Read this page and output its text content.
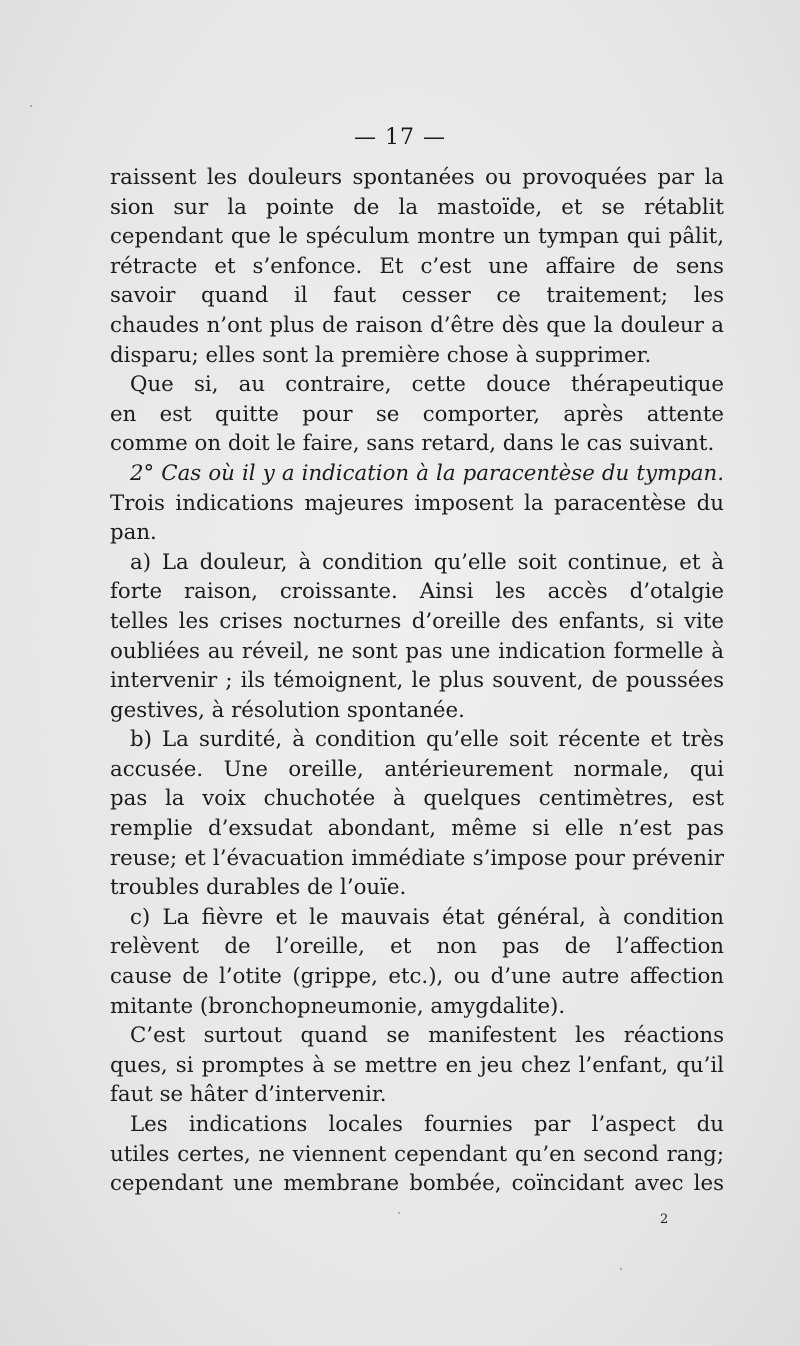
— 17 —
raissent les douleurs spontanées ou provoquées par la
sion sur la pointe de la mastoïde, et se rétablit
cependant que le spéculum montre un tympan qui pâlit,
rétracte et s’enfonce. Et c’est une affaire de sens
savoir quand il faut cesser ce traitement; les
chaudes n’ont plus de raison d’être dès que la douleur a
disparu; elles sont la première chose à supprimer.
Que si, au contraire, cette douce thérapeutique
en est quitte pour se comporter, après attente
comme on doit le faire, sans retard, dans le cas suivant.
2° Cas où il y a indication à la paracentèse du tympan.
Trois indications majeures imposent la paracentèse du
pan.
a) La douleur, à condition qu’elle soit continue, et à
forte raison, croissante. Ainsi les accès d’otalgie
telles les crises nocturnes d’oreille des enfants, si vite
oubliées au réveil, ne sont pas une indication formelle à
intervenir ; ils témoignent, le plus souvent, de poussées
gestives, à résolution spontanée.
b) La surdité, à condition qu’elle soit récente et très
accusée. Une oreille, antérieurement normale, qui
pas la voix chuchotée à quelques centimètres, est
remplie d’exsudat abondant, même si elle n’est pas
reuse; et l’évacuation immédiate s’impose pour prévenir
troubles durables de l’ouïe.
c) La fièvre et le mauvais état général, à condition
relèvent de l’oreille, et non pas de l’affection
cause de l’otite (grippe, etc.), ou d’une autre affection
mitante (bronchopneumonie, amygdalite).
C’est surtout quand se manifestent les réactions
ques, si promptes à se mettre en jeu chez l’enfant, qu’il
faut se hâter d’intervenir.
Les indications locales fournies par l’aspect du
utiles certes, ne viennent cependant qu’en second rang;
cependant une membrane bombée, coïncidant avec les
2
